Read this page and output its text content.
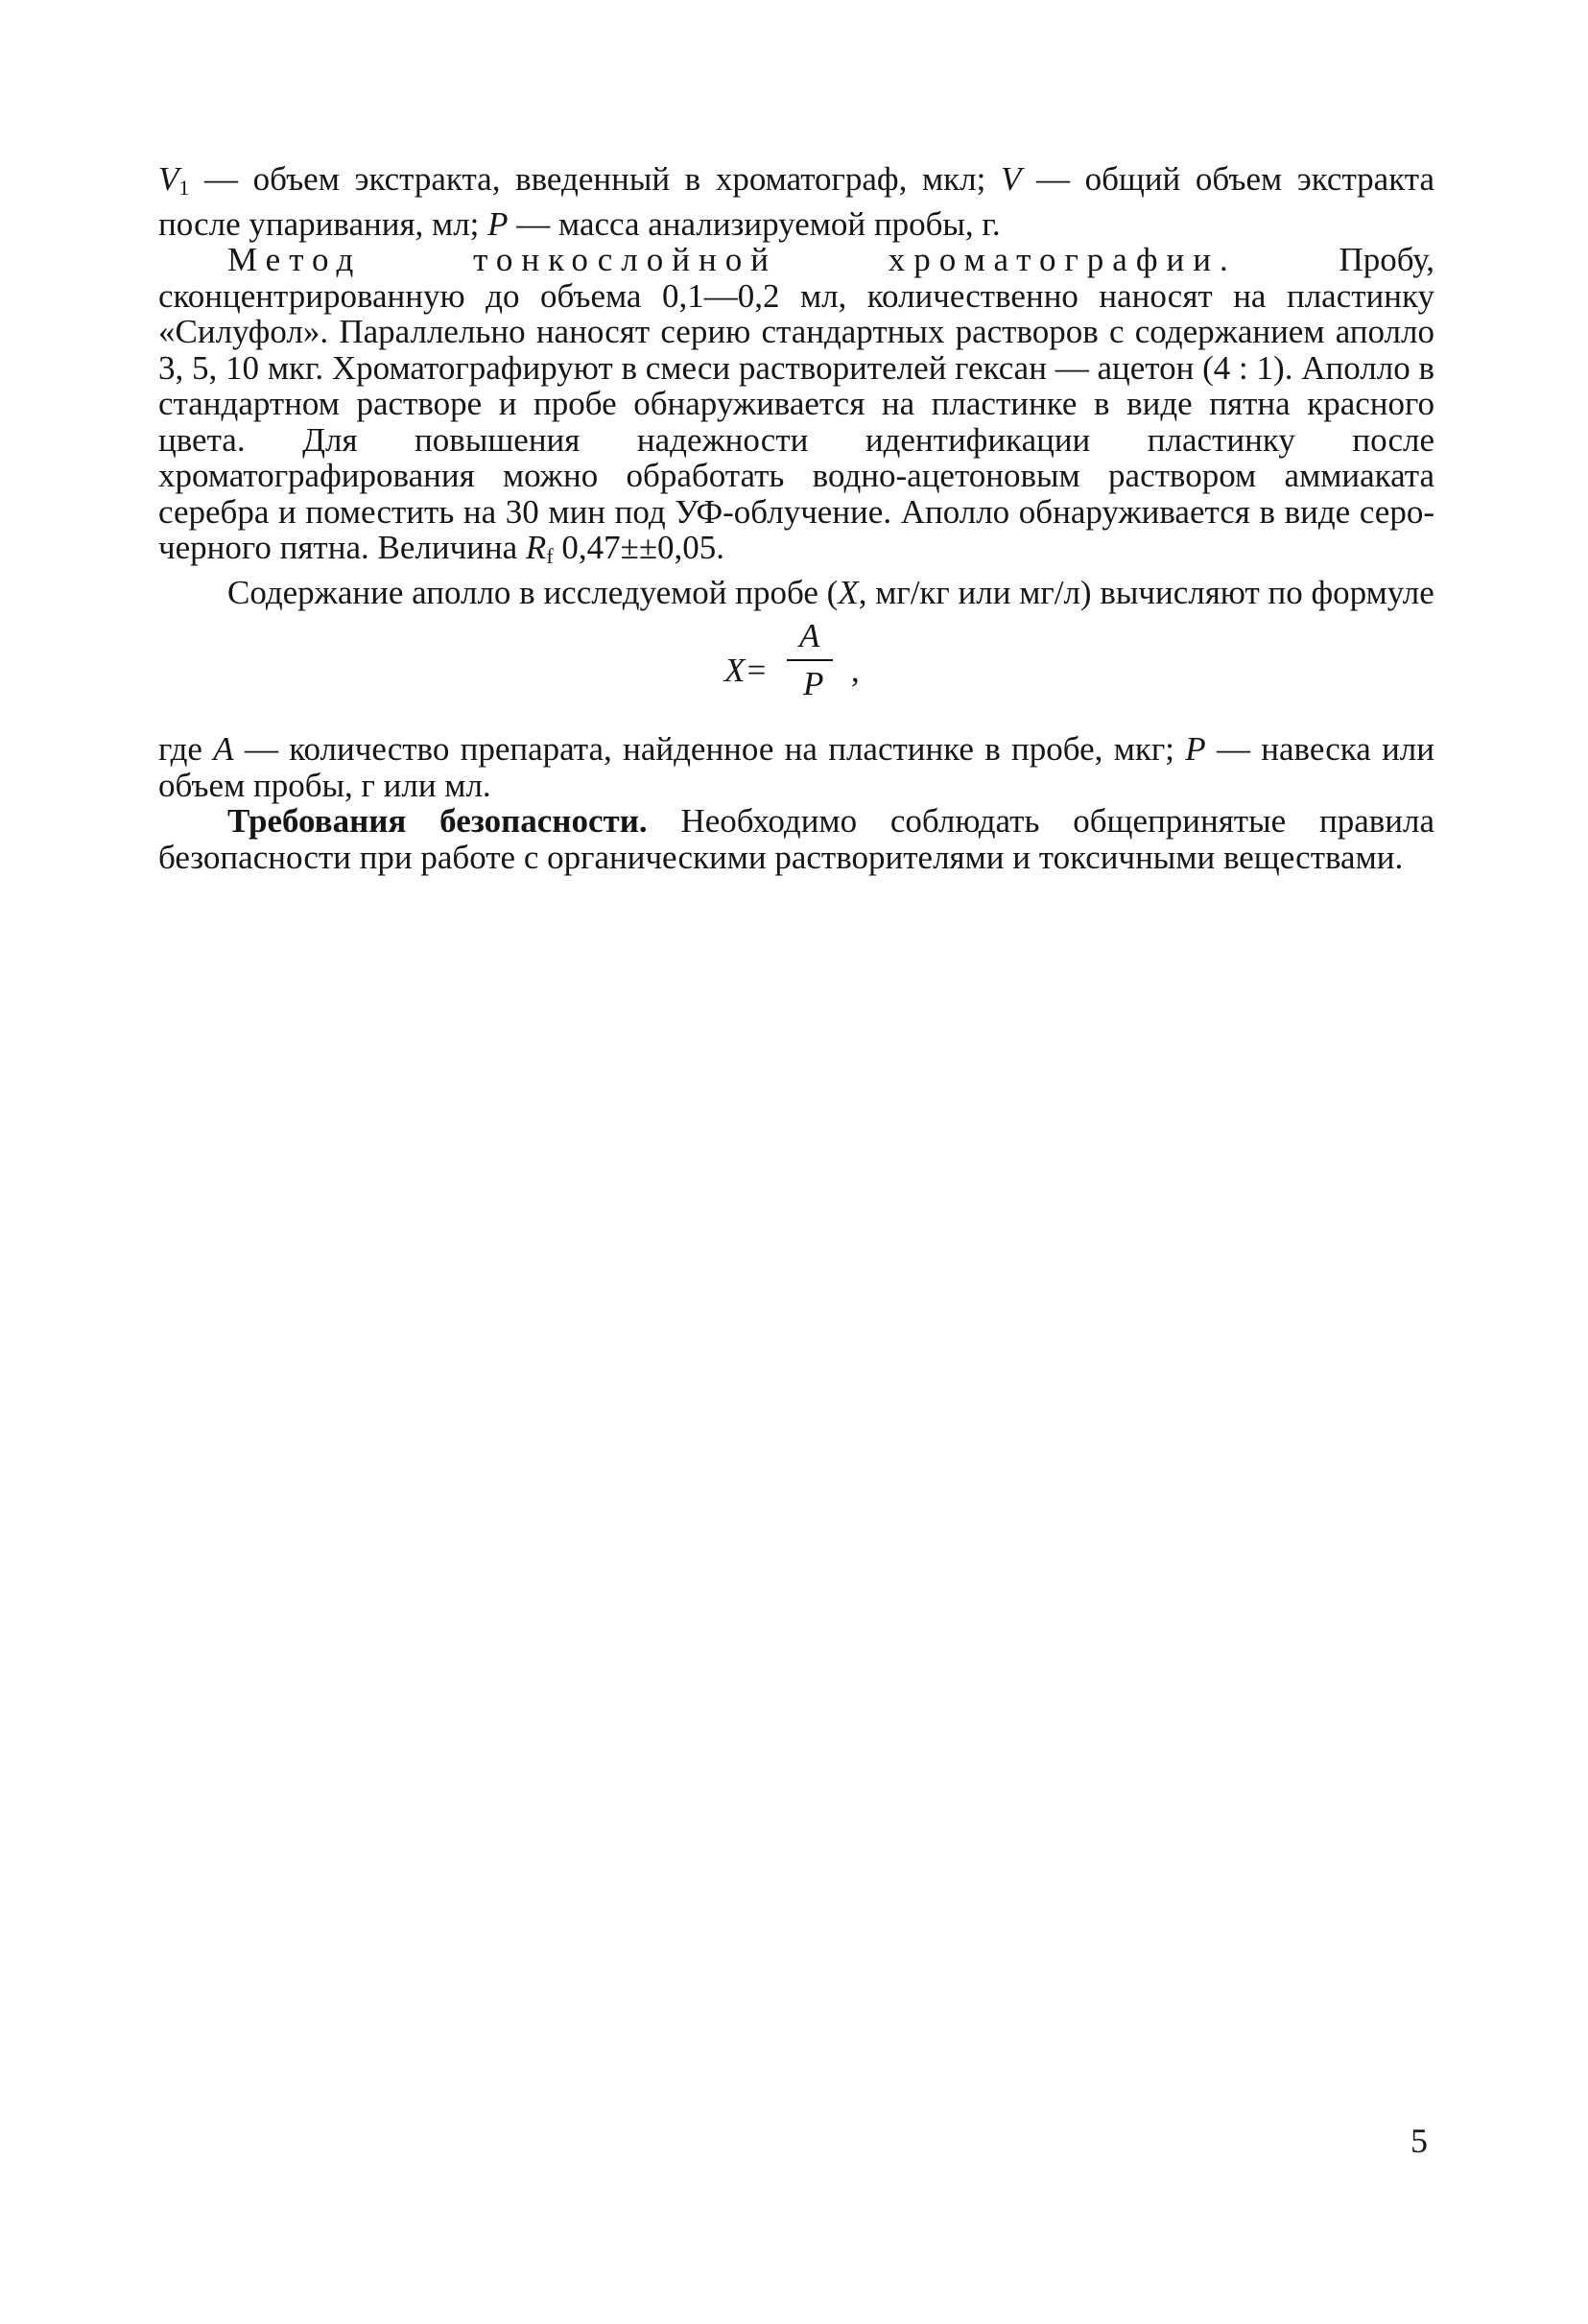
$V_1$ — объем экстракта, введенный в хроматограф, мкл; V — общий объем экстракта после упаривания, мл; P — масса анализируемой пробы, г.

Метод тонкослойной хроматографии. Пробу, сконцентрированную до объема 0,1—0,2 мл, количественно наносят на пластинку «Силуфол». Параллельно наносят серию стандартных растворов с содержанием аполло 3, 5, 10 мкг. Хроматографируют в смеси растворителей гексан — ацетон (4 : 1). Аполло в стандартном растворе и пробе обнаруживается на пластинке в виде пятна красного цвета. Для повышения надежности идентификации пластинку после хроматографирования можно обработать водно-ацетоновым раствором аммиаката серебра и поместить на 30 мин под УФ-облучение. Аполло обнаруживается в виде серо-черного пятна. Величина $R_f$ 0,47±±0,05.

Содержание аполло в исследуемой пробе (X, мг/кг или мг/л) вычисляют по формуле

X=
A
P ,

где A — количество препарата, найденное на пластинке в пробе, мкг; P — навеска или объем пробы, г или мл.

Требования безопасности. Необходимо соблюдать общепринятые правила безопасности при работе с органическими растворителями и токсичными веществами.

5
